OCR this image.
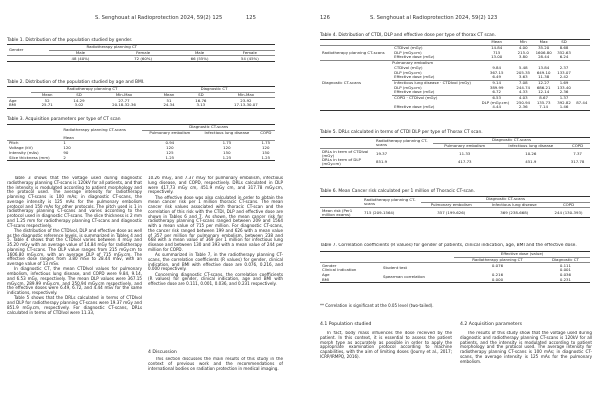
S. Senghouat al Radioprotection 2024, 59(2) 125	125
Table 1. Distribution of the population studied by gender.
Gender	Radiotherapy planning CT			
	Male	Female	Male	Female
	48 (40%)	72 (60%)	66 (55%)	54 (45%)
Table 2. Distribution of the population studied by age and BMI.
	Radiotherapy planning CT			Diagnostic CT		
	Mean	SD	Min-Max	Mean	SD	Min-Max
Age	52	14.29	27-77	51	16.76	23-92
BMI	25.71	3.02	20.18-32.36	24.34	3.13	17.13-30.07
Table 3. Acquisition parameters per type of CT scan
	Radiotherapy planning CT-scans	Diagnostic CT-scans		
		Pulmonary embolism	Infectious lung disease	COPD
	Mean			
Pitch	1	0.94	1.75	1.75
Voltage (kV)	120	120	120	120
Intensity (mAs)	90	125	150	150
Slice thickness (mm)	2	1.25	1.25	1.25

Table 3 shows that the voltage used during diagnostic radiotherapy planning CT-scans is 120kV for all patients, and that the intensity is modulated according to patient morphology and the protocol used. The average intensity for radiotherapy planning CT-scans is 100 mAs; in diagnostic CT-scans, the average intensity is 125 mAs for the pulmonary embolism protocol and 150 mAs for other protocols. The pitch used is 1 in radiotherapy planning CT-scans and varies according to the protocol used in diagnostic CT-scans. The slice thickness is 2 mm and 1.25 mm for radiotherapy planning CT-scans and diagnostic CT-scans respectively.

The distribution of the CTDIvol, DLP and effective dose as well as the diagnostic reference levels, is summarized in Tables 4 and 5. Table 4 shows that the CTDIvol varies between 4 mGy and 35.20 mGy with an average value of 14.84 mGy for radiotherapy planning CT-scans. The DLP value ranges from 215 mGy.cm to 1606.80 mGy.cm, with an average DLP of 715 mGy.cm. The effective dose ranges from 3.80 mSv to 28.44 mSv, with an average value of 13 mSv.

In diagnostic CT, the mean CTDIvol values for pulmonary embolism, infectious lung disease, and COPD were 9.84, 9.14, and 6.53 mGy, respectively. The mean DLP values were 367.15 mGy.cm, 289.99 mGy.cm, and 250.94 mGy.cm respectively, and the effective doses were 6.49, 6.72, and 4.44 mSv for the same indications, respectively.

Table 5 shows that the DRLs calculated in terms of CTDIvol and DLP for radiotherapy planning CT-scans were 19.37 mGy and 851.9 mGy.cm, respectively. For diagnostic CT-scans, DRLs calculated in terms of CTDIvol were 11.33,

10.26 mGy, and 7.37 mGy for pulmonary embolism, infectious lung disease, and COPD, respectively. DRLs calculated in DLP were 417.73 mGy cm, 451.9 mGy cm, and 317.78 mGy.cm, respectively.

The effective dose was also calculated in order to obtain the mean cancer risk per 1 million thoracic CT-scans. The mean cancer risk values associated with thoracic CT-scan and the correlation of this risk with the CTDI, DLP and effective dose are shown in Tables 6 and 7. As shown, the mean cancer risk for radiotherapy planning CT-scans ranged between 209 and 1564 with a mean value of 715 per million. For diagnostic CT-scans, the cancer risk ranged between 199 and 626 with a mean value of 357 per million for pulmonary embolism, between 238 and 668 with a mean value of 369 per 1 million for infectious lung disease and between 130 and 393 with a mean value of 244 per million for COPD.

As summarized in Table 7, in the radiotherapy planning CT-scans, the correlation coefficients (R values) for gender, clinical indication, and BMI with effective dose are 0.076, 0.216, and 0.000 respectively.

Concerning diagnostic CT-scans, the correlation coefficients (R values) for gender, clinical indication, age and BMI with effective dose are 0.111, 0.001, 0.036, and 0.231 respectively.

4 Discussion

This section discusses the main results of this study in the context of previous work and the recommendations of international bodies on radiation protection in medical imaging.

126	S. Senghouat al Radioprotection 2024, 59(2) 123
Table 4. Distribution of CTDI, DLP and effective dose per type of thorax CT scan.
		Mean	Min	Max	SD	
Radiotherapy planning CT-scans	CTDIvol (mGy)	14.84	4.00	35.20	8.68	
	DLP (mGy.cm)	715	215.0	1606.80	352.63	
	Effective dose (mSv)	13.00	3.80	28.44	6.24	
Diagnostic CT-scans	Pulmonary embolism					
	CTDIvol (mGy)	9.84	5.48	13.84	2.37	
	DLP (mGy.cm)	367.15	205.35	649.10	133.07	
	Effective dose (mSv)	6.49	3.63	11.38	2.42	
	Infectious lung disease · CTDIvol (mGy)	9.14	7.08	12.27	1.69	
	DLP (mGy.cm)	389.99	244.74	686.21	133.40	
	Effective dose (mSv)	6.72	4.33	12.14	2.36	
	COPD · CTDIvol (mGy)	6.53	4.03	8.67	1.37	
		DLP (mGy.cm)	250.94	135.73	392.82	87.44
	Effective dose (mSv)	4.44	2.36	7.14	1.46	
Table 5. DRLs calculated in terms of CTDI DLP per type of Thorax CT scan.
	Radiotherapy planning CT-scans	Diagnostic CT-scans		
		Pulmonary embolism	Infectious lung disease	COPD
DRLs in term of CTDIvol (mGy)	19.37	11.33	10.26	7.37
DRLs in term of DLP (mGy.cm)	851.9	417.73	451.9	317.78
Table 6. Mean Cancer risk calculated per 1 million of Thoracic CT-scan.
	Radiotherapy planning CT-scans	Diagnostic CT-scans		
		Pulmonary embolism	Infectious lung disease	COPD
Mean risk (Per1 million exams)	715 (209-1564)	357 (199-626)	369 (238-668)	244 (130-393)
Table 7. Correlation coefficients (R values) for gender of patients, clinical indication, age, BMI and the effective dose.
		Effective dose (value)	
		Radiotherapy planning CT	Diagnostic CT
Gender	Student test	0.076	0.111
Clinical indication			0.001
Age	Spearman correlation	0.216	0.036
BMI		0.000	0.231
** Correlation is significant at the 0.05 level (two-tailed).
4.1 Population studied	4.2 Acquisition parameters

In fact, body mass influences the dose received by the patient. In this context, it is essential to assess the patient morph type as accurately as possible in order to apply the appropriate examination protocol according to machine capabilities, with the aim of limiting doses (Journy et al., 2017; ICRP/IRMPQ, 2016).

The results of this study show that the voltage used during diagnostic and radiotherapy planning CT-scans is 120kV for all patients, and the intensity is modulated according to patient morphology and the protocol used. The average intensity for radiotherapy planning CT-scans is 100 mAs; in diagnostic CT-scans, the average intensity is 125 mAs for the pulmonary embolism.
